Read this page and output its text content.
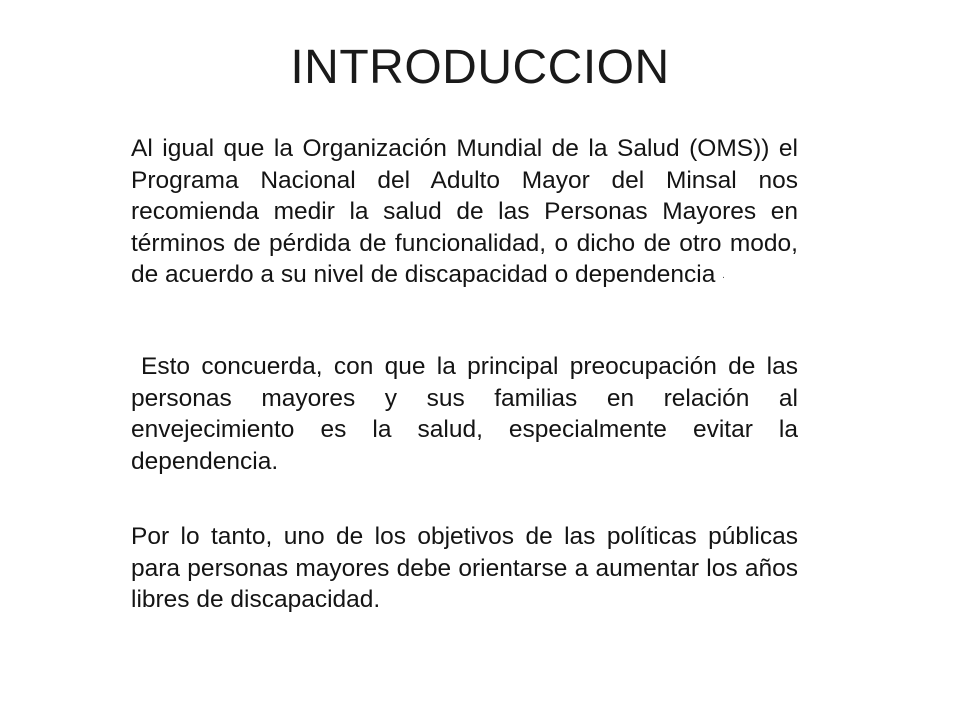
INTRODUCCION
Al igual que la Organización Mundial de la Salud (OMS)) el Programa Nacional del Adulto Mayor del Minsal nos recomienda medir la salud de las Personas Mayores en términos de pérdida de funcionalidad, o dicho de otro modo, de acuerdo a su nivel de discapacidad o dependencia .
Esto concuerda, con que la principal preocupación de las personas mayores y sus familias en relación al envejecimiento es la salud, especialmente evitar la dependencia.
Por lo tanto, uno de los objetivos de las políticas públicas para personas mayores debe orientarse a aumentar los años libres de discapacidad.
